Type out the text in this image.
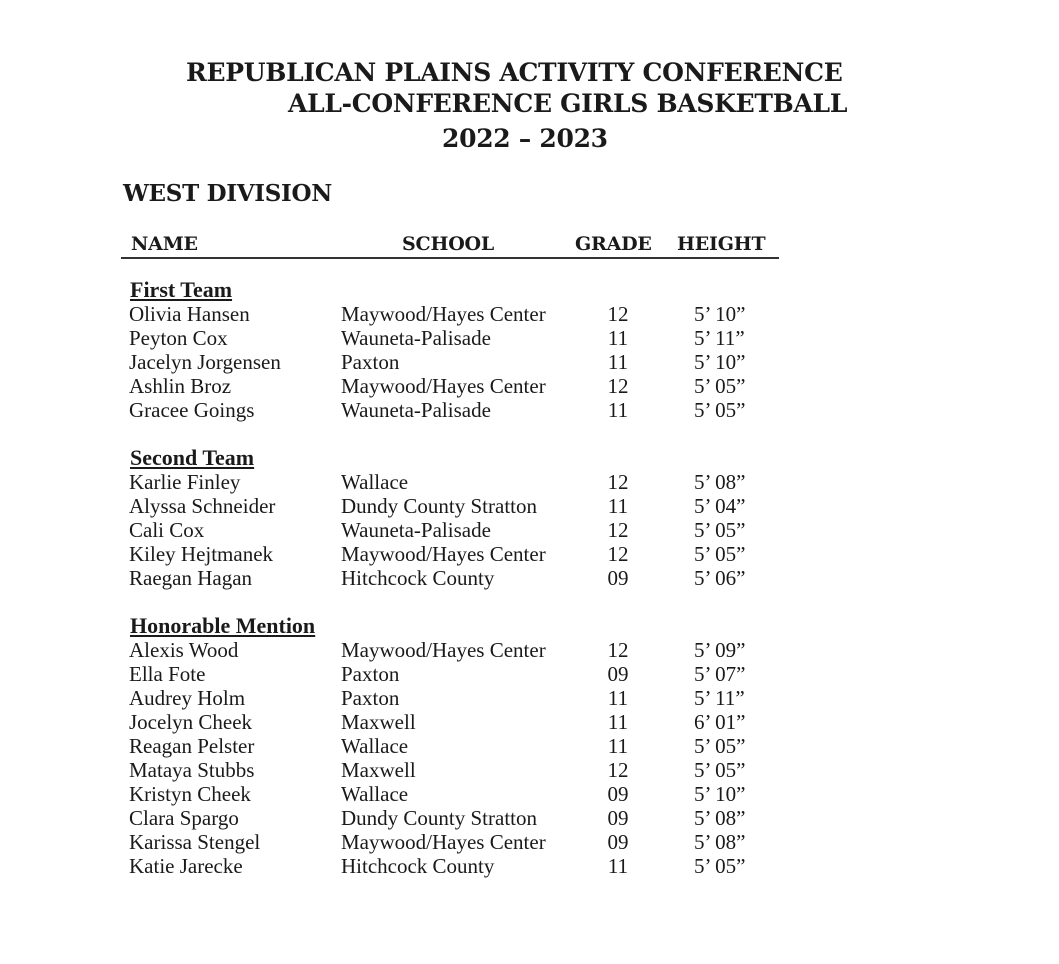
REPUBLICAN PLAINS ACTIVITY CONFERENCE
ALL-CONFERENCE GIRLS BASKETBALL
2022 – 2023
WEST DIVISION
NAME	SCHOOL	GRADE HEIGHT
First Team
Olivia Hansen	Maywood/Hayes Center	12	5’ 10”
Peyton Cox	Wauneta-Palisade	11	5’ 11”
Jacelyn Jorgensen	Paxton	11	5’ 10”
Ashlin Broz	Maywood/Hayes Center	12	5’ 05”
Gracee Goings	Wauneta-Palisade	11	5’ 05”
Second Team
Karlie Finley	Wallace	12	5’ 08”
Alyssa Schneider	Dundy County Stratton	11	5’ 04”
Cali Cox	Wauneta-Palisade	12	5’ 05”
Kiley Hejtmanek	Maywood/Hayes Center	12	5’ 05”
Raegan Hagan	Hitchcock County	09	5’ 06”
Honorable Mention
Alexis Wood	Maywood/Hayes Center	12	5’ 09”
Ella Fote	Paxton	09	5’ 07”
Audrey Holm	Paxton	11	5’ 11”
Jocelyn Cheek	Maxwell	11	6’ 01”
Reagan Pelster	Wallace	11	5’ 05”
Mataya Stubbs	Maxwell	12	5’ 05”
Kristyn Cheek	Wallace	09	5’ 10”
Clara Spargo	Dundy County Stratton	09	5’ 08”
Karissa Stengel	Maywood/Hayes Center	09	5’ 08”
Katie Jarecke	Hitchcock County	11	5’ 05”
